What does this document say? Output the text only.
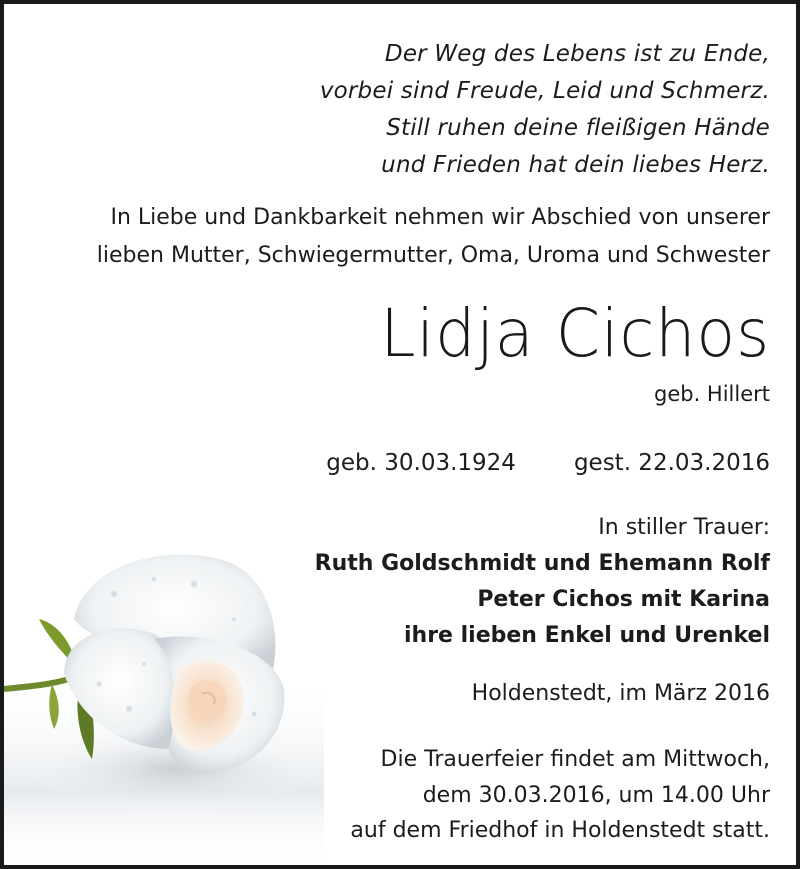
Der Weg des Lebens ist zu Ende,
vorbei sind Freude, Leid und Schmerz.
Still ruhen deine fleißigen Hände
und Frieden hat dein liebes Herz.
In Liebe und Dankbarkeit nehmen wir Abschied von unserer
lieben Mutter, Schwiegermutter, Oma, Uroma und Schwester
Lidja Cichos
geb. Hillert
geb. 30.03.1924	gest. 22.03.2016
In stiller Trauer:
Ruth Goldschmidt und Ehemann Rolf
Peter Cichos mit Karina
ihre lieben Enkel und Urenkel
Holdenstedt, im März 2016
Die Trauerfeier findet am Mittwoch,
dem 30.03.2016, um 14.00 Uhr
auf dem Friedhof in Holdenstedt statt.
